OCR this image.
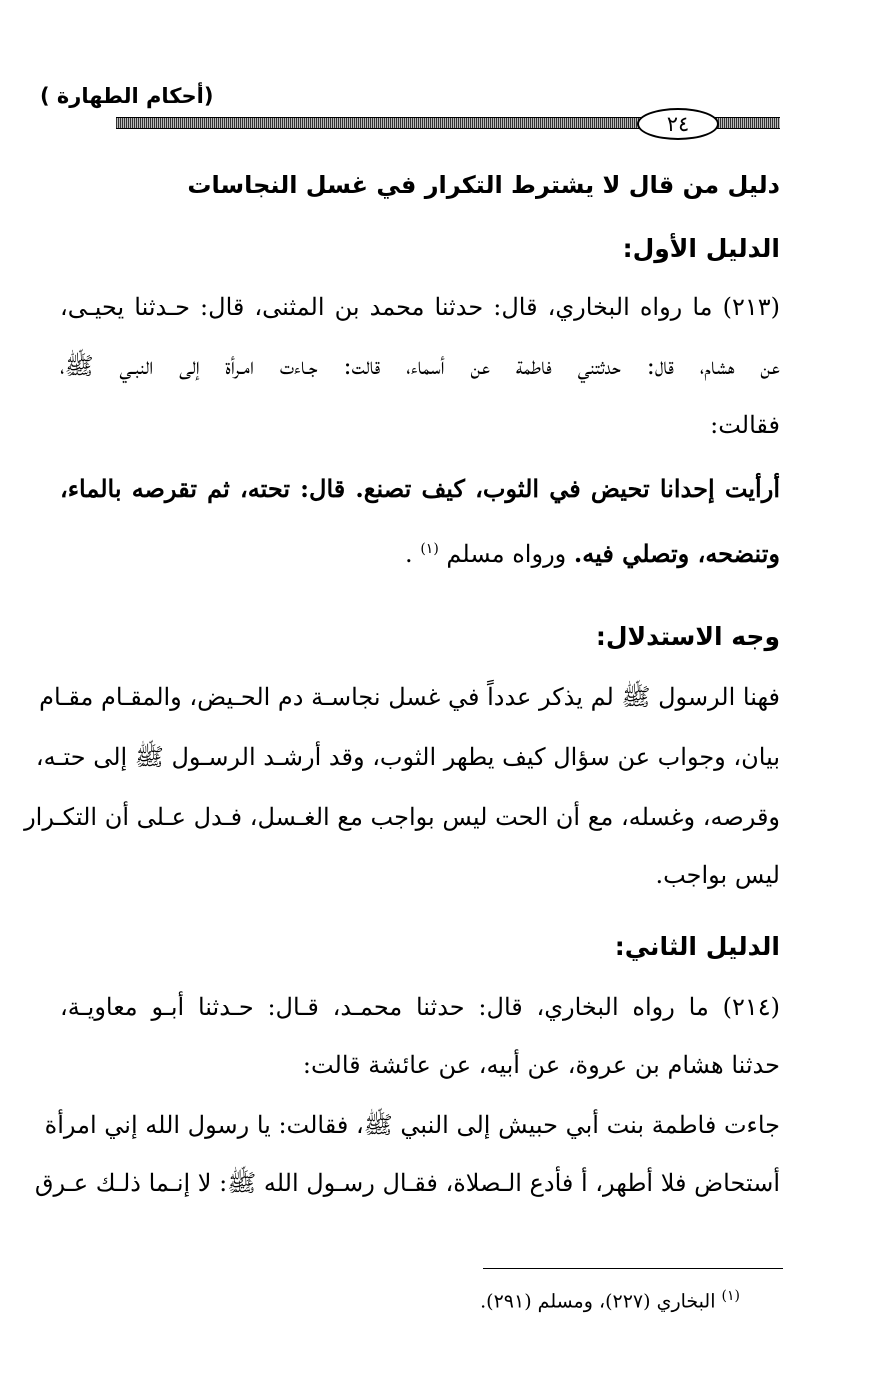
(أحكام الطهارة )
٢٤
دليل من قال لا يشترط التكرار في غسل النجاسات
الدليل الأول:
(٢١٣) ما رواه البخاري، قال: حدثنا محمد بن المثنى، قال: حـدثنا يحيـى،
عن هشام، قال: حدثتني فاطمة عن أسماء، قالت: جـاءت امـرأة إلى النبـي ﷺ،
فقالت:
أرأيت إحدانا تحيض في الثوب، كيف تصنع. قال: تحته، ثم تقرصه بالماء،
وتنضحه، وتصلي فيه. ورواه مسلم $^{(١)}$ .
وجه الاستدلال:
فهنا الرسول ﷺ لم يذكر عدداً في غسل نجاسـة دم الحـيض، والمقـام مقـام
بيان، وجواب عن سؤال كيف يطهر الثوب، وقد أرشـد الرسـول ﷺ إلى حتـه،
وقرصه، وغسله، مع أن الحت ليس بواجب مع الغـسل، فـدل عـلى أن التكـرار
ليس بواجب.
الدليل الثاني:
(٢١٤) ما رواه البخاري، قال: حدثنا محمـد، قـال: حـدثنا أبـو معاويـة،
حدثنا هشام بن عروة، عن أبيه، عن عائشة قالت:
جاءت فاطمة بنت أبي حبيش إلى النبي ﷺ، فقالت: يا رسول الله إني امرأة
أستحاض فلا أطهر، أ فأدع الـصلاة، فقـال رسـول الله ﷺ: لا إنـما ذلـك عـرق
$^{(١)}$ البخاري (٢٢٧)، ومسلم (٢٩١).
